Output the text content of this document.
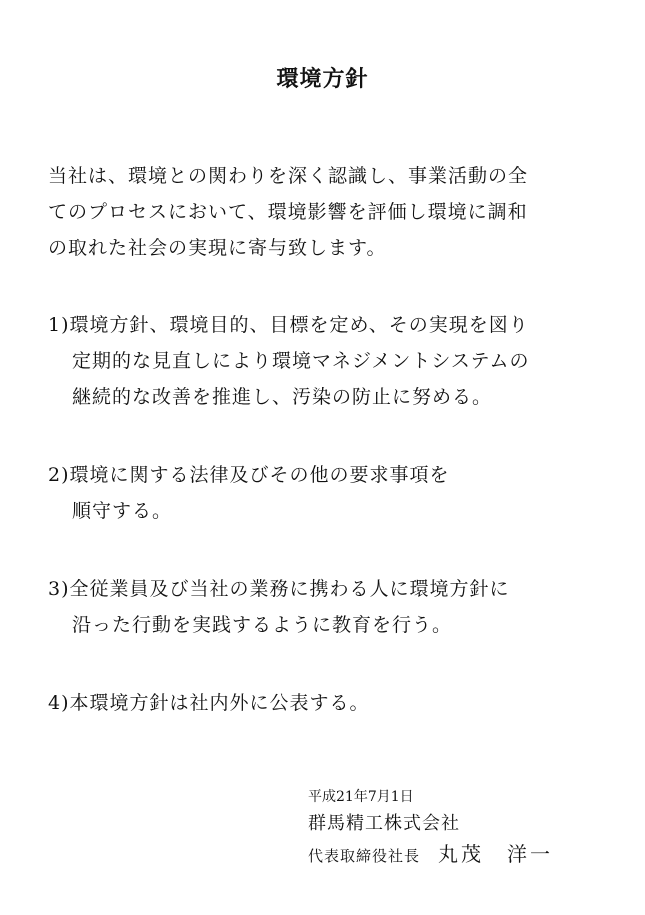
環境方針
当社は、環境との関わりを深く認識し、事業活動の全
てのプロセスにおいて、環境影響を評価し環境に調和
の取れた社会の実現に寄与致します。
1)環境方針、環境目的、目標を定め、その実現を図り
定期的な見直しにより環境マネジメントシステムの
継続的な改善を推進し、汚染の防止に努める。
2)環境に関する法律及びその他の要求事項を
順守する。
3)全従業員及び当社の業務に携わる人に環境方針に
沿った行動を実践するように教育を行う。
4)本環境方針は社内外に公表する。
平成21年7月1日
群馬精工株式会社
代表取締役社長 丸茂　洋一
